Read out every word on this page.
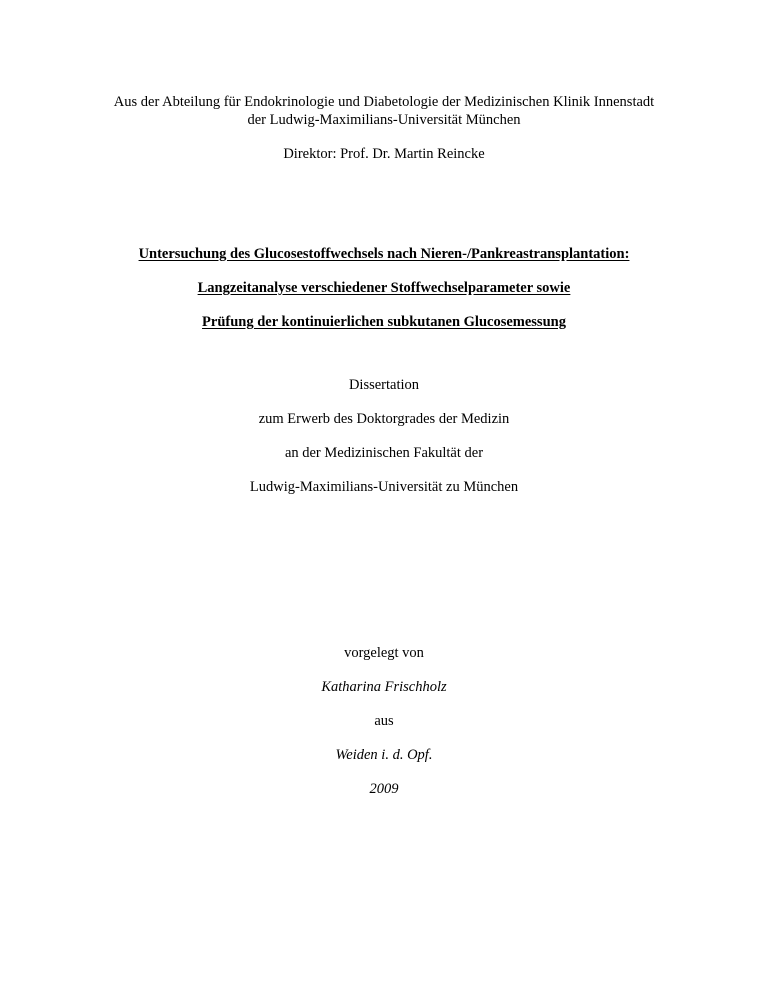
Aus der Abteilung für Endokrinologie und Diabetologie der Medizinischen Klinik Innenstadt
der Ludwig-Maximilians-Universität München
Direktor: Prof. Dr. Martin Reincke
Untersuchung des Glucosestoffwechsels nach Nieren-/Pankreastransplantation:
Langzeitanalyse verschiedener Stoffwechselparameter sowie
Prüfung der kontinuierlichen subkutanen Glucosemessung
Dissertation
zum Erwerb des Doktorgrades der Medizin
an der Medizinischen Fakultät der
Ludwig-Maximilians-Universität zu München
vorgelegt von
Katharina Frischholz
aus
Weiden i. d. Opf.
2009
